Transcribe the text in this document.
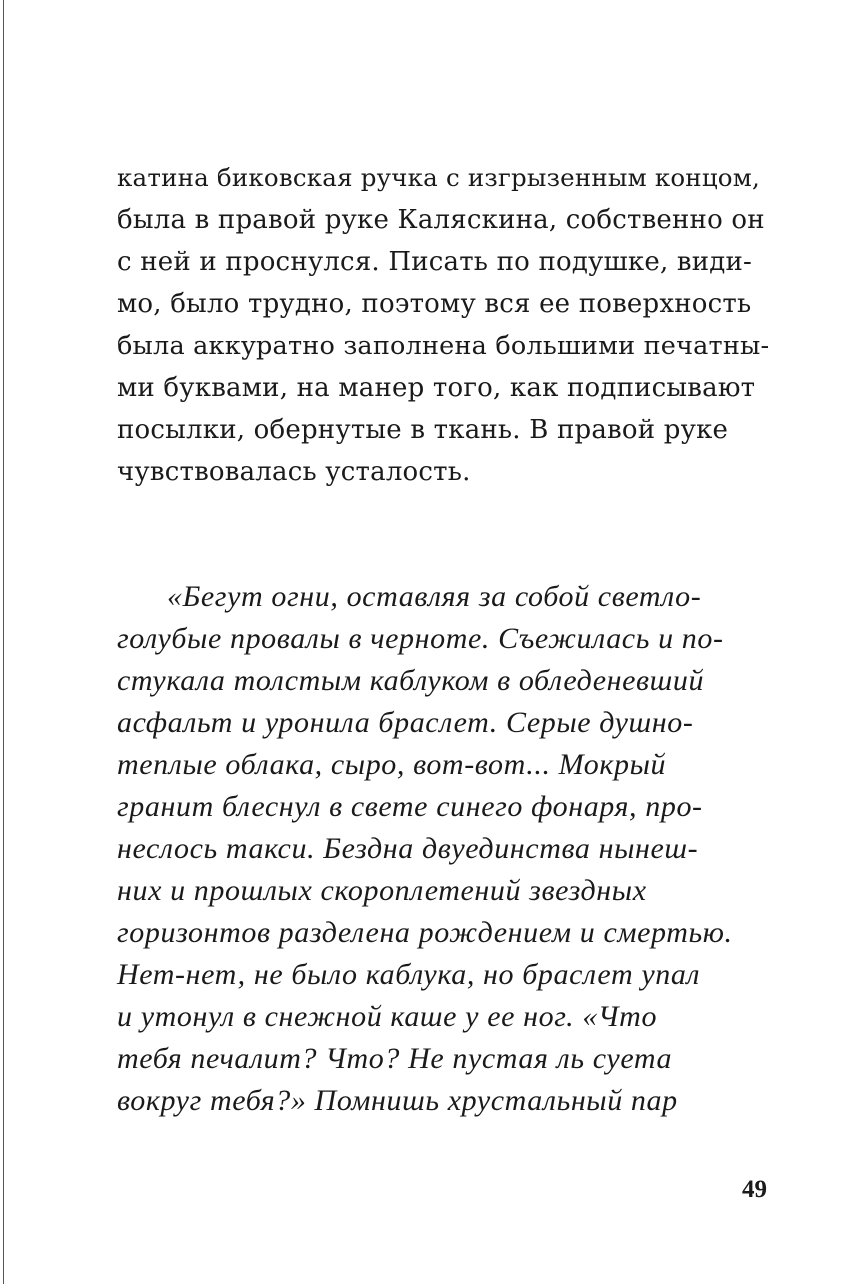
катина биковская ручка с изгрызенным концом,
была в правой руке Каляскина, собственно он
с ней и проснулся. Писать по подушке, види-
мо, было трудно, поэтому вся ее поверхность
была аккуратно заполнена большими печатны-
ми буквами, на манер того, как подписывают
посылки, обернутые в ткань. В правой руке
чувствовалась усталость.
«Бегут огни, оставляя за собой светло-
голубые провалы в черноте. Съежилась и по-
стукала толстым каблуком в обледеневший
асфальт и уронила браслет. Серые душно-
теплые облака, сыро, вот-вот... Мокрый
гранит блеснул в свете синего фонаря, про-
неслось такси. Бездна двуединства нынеш-
них и прошлых скороплетений звездных
горизонтов разделена рождением и смертью.
Нет-нет, не было каблука, но браслет упал
и утонул в снежной каше у ее ног. «Что
тебя печалит? Что? Не пустая ль суета
вокруг тебя?» Помнишь хрустальный пар
49
